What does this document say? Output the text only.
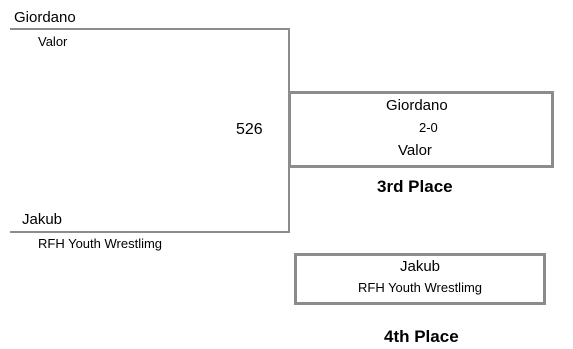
Giordano
Valor
Jakub
RFH Youth Wrestlimg
526
Giordano
2-0
Valor
3rd Place
Jakub
RFH Youth Wrestlimg
4th Place
